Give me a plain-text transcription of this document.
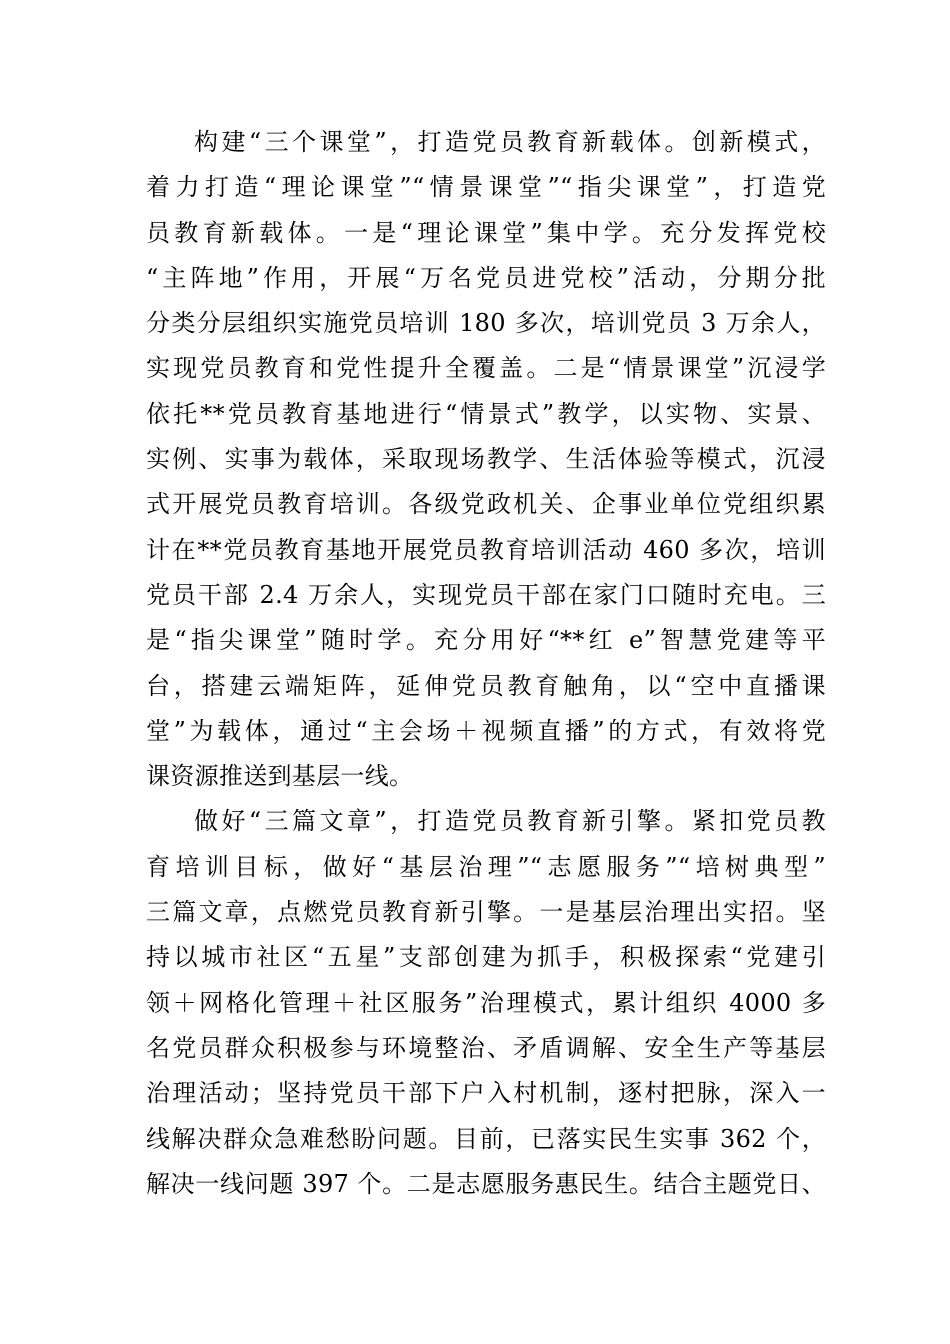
构建“三个课堂”，打造党员教育新载体。创新模式，
着力打造“理论课堂”“情景课堂”“指尖课堂”，打造党
员教育新载体。一是“理论课堂”集中学。充分发挥党校
“主阵地”作用，开展“万名党员进党校”活动，分期分批
分类分层组织实施党员培训 180 多次，培训党员 3 万余人，
实现党员教育和党性提升全覆盖。二是“情景课堂”沉浸学
依托**党员教育基地进行“情景式”教学，以实物、实景、
实例、实事为载体，采取现场教学、生活体验等模式，沉浸
式开展党员教育培训。各级党政机关、企事业单位党组织累
计在**党员教育基地开展党员教育培训活动 460 多次，培训
党员干部 2.4 万余人，实现党员干部在家门口随时充电。三
是“指尖课堂”随时学。充分用好“**红 e”智慧党建等平
台，搭建云端矩阵，延伸党员教育触角，以“空中直播课
堂”为载体，通过“主会场＋视频直播”的方式，有效将党
课资源推送到基层一线。
做好“三篇文章”，打造党员教育新引擎。紧扣党员教
育培训目标，做好“基层治理”“志愿服务”“培树典型”
三篇文章，点燃党员教育新引擎。一是基层治理出实招。坚
持以城市社区“五星”支部创建为抓手，积极探索“党建引
领＋网格化管理＋社区服务”治理模式，累计组织 4000 多
名党员群众积极参与环境整治、矛盾调解、安全生产等基层
治理活动；坚持党员干部下户入村机制，逐村把脉，深入一
线解决群众急难愁盼问题。目前，已落实民生实事 362 个，
解决一线问题 397 个。二是志愿服务惠民生。结合主题党日、
